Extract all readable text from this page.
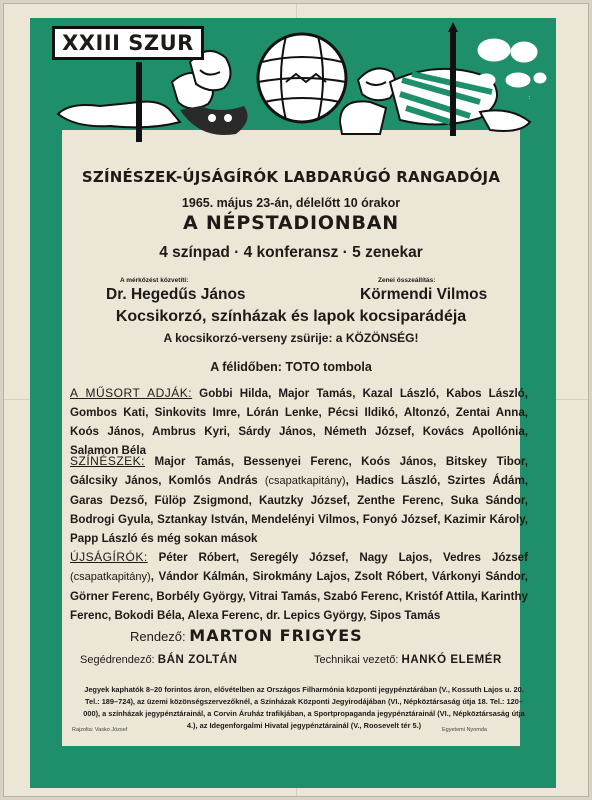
XXIII SZUR
‧‧
SZÍNÉSZEK-ÚJSÁGÍRÓK LABDARÚGÓ RANGADÓJA
1965. május 23-án, délelőtt 10 órakor
A NÉPSTADIONBAN
4 színpad · 4 konferansz · 5 zenekar
A mérkőzést közvetíti:
Dr. Hegedűs János
Zenei összeállítás:
Körmendi Vilmos
Kocsikorzó, színházak és lapok kocsiparádéja
A kocsikorzó-verseny zsürije: a KÖZÖNSÉG!
A félidőben: TOTO tombola
A MŰSORT ADJÁK: Gobbi Hilda, Major Tamás, Kazal László, Kabos László, Gombos Kati, Sinkovits Imre, Lórán Lenke, Pécsi Ildikó, Altonzó, Zentai Anna, Koós János, Ambrus Kyri, Sárdy János, Németh József, Kovács Apollónia, Salamon Béla
SZÍNÉSZEK: Major Tamás, Bessenyei Ferenc, Koós János, Bitskey Tibor, Gálcsiky János, Komlós András (csapatkapitány), Hadics László, Szirtes Ádám, Garas Dezső, Fülöp Zsigmond, Kautzky József, Zenthe Ferenc, Suka Sándor, Bodrogi Gyula, Sztankay István, Mendelényi Vilmos, Fonyó József, Kazimir Károly, Papp László és még sokan mások
ÚJSÁGÍRÓK: Péter Róbert, Seregély József, Nagy Lajos, Vedres József (csapatkapitány), Vándor Kálmán, Sirokmány Lajos, Zsolt Róbert, Várkonyi Sándor, Görner Ferenc, Borbély György, Vitrai Tamás, Szabó Ferenc, Kristóf Attila, Karinthy Ferenc, Bokodi Béla, Alexa Ferenc, dr. Lepics György, Sipos Tamás
Rendező: MARTON FRIGYES
Segédrendező: BÁN ZOLTÁN	Technikai vezető: HANKÓ ELEMÉR
Jegyek kaphatók 8–20 forintos áron, elővételben az Országos Filharmónia központi jegypénztárában (V., Kossuth Lajos u. 20. Tel.: 189–724), az üzemi közönségszervezőknél, a Színházak Központi Jegyirodájában (VI., Népköztársaság útja 18. Tel.: 120–000), a színházak jegypénztárainál, a Corvin Áruház trafikjában, a Sportpropaganda jegypénztárainál (VI., Népköztársaság útja 4.), az Idegenforgalmi Hivatal jegypénztárainál (V., Roosevelt tér 5.)
Rajzolta: Vasko József	Egyetemi Nyomda
